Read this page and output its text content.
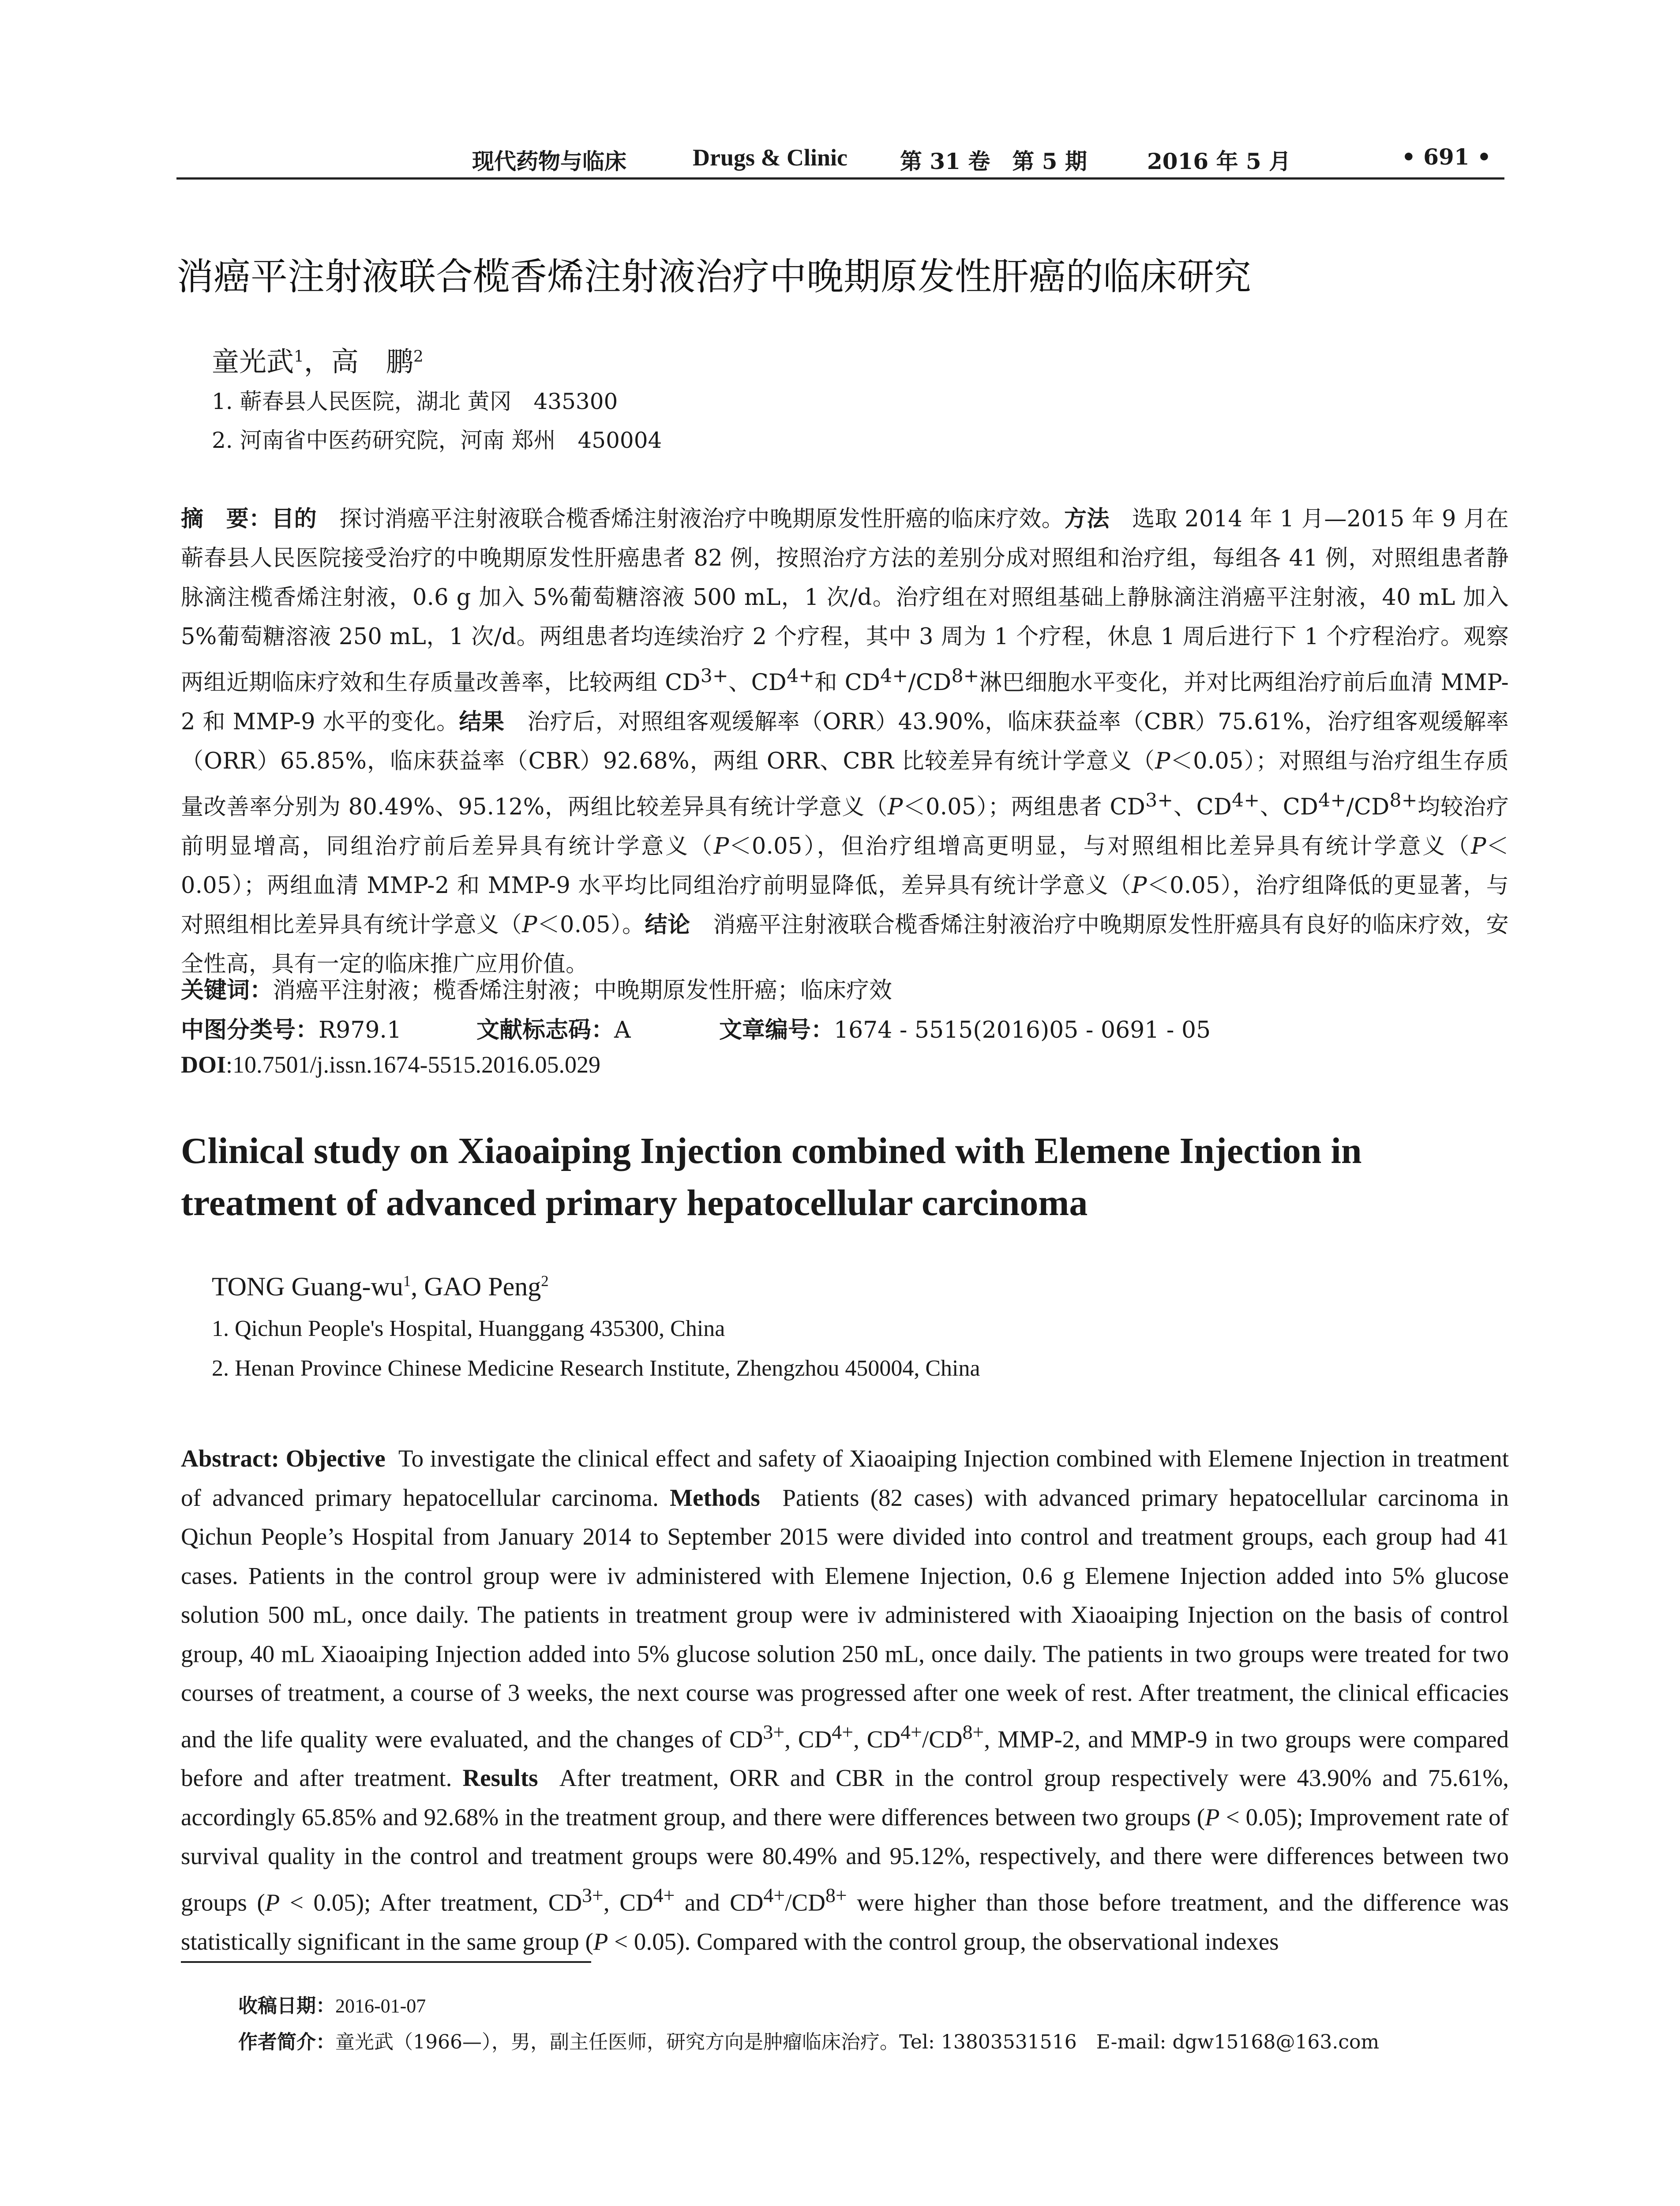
现代药物与临床	Drugs & Clinic 第 31 卷　第 5 期	2016 年 5 月	• 691 •
消癌平注射液联合榄香烯注射液治疗中晚期原发性肝癌的临床研究
童光武$^1$，高　鹏$^2$
1. 蕲春县人民医院，湖北 黄冈　435300
2. 河南省中医药研究院，河南 郑州　450004
摘　要：目的　 探讨消癌平注射液联合榄香烯注射液治疗中晚期原发性肝癌的临床疗效。方法　 选取 2014 年 1 月—2015 年 9 月在蕲春县人民医院接受治疗的中晚期原发性肝癌患者 82 例，按照治疗方法的差别分成对照组和治疗组，每组各 41 例，对照组患者静脉滴注榄香烯注射液，0.6 g 加入 5%葡萄糖溶液 500 mL，1 次/d。治疗组在对照组基础上静脉滴注消癌平注射液，40 mL 加入 5%葡萄糖溶液 250 mL，1 次/d。两组患者均连续治疗 2 个疗程，其中 3 周为 1 个疗程，休息 1 周后进行下 1 个疗程治疗。观察两组近期临床疗效和生存质量改善率，比较两组 $CD^{3+}$、$CD^{4+}$和 $CD^{4+}/CD^{8+}$淋巴细胞水平变化，并对比两组治疗前后血清 MMP-2 和 MMP-9 水平的变化。结果　 治疗后，对照组客观缓解率（ORR）43.90%，临床获益率（CBR）75.61%，治疗组客观缓解率（ORR）65.85%，临床获益率（CBR）92.68%，两组 ORR、CBR 比较差异有统计学意义（P＜0.05）；对照组与治疗组生存质量改善率分别为 80.49%、95.12%，两组比较差异具有统计学意义（P＜0.05）；两组患者 $CD^{3+}$、$CD^{4+}$、$CD^{4+}/CD^{8+}$均较治疗前明显增高，同组治疗前后差异具有统计学意义（P＜0.05），但治疗组增高更明显，与对照组相比差异具有统计学意义（P＜0.05）；两组血清 MMP-2 和 MMP-9 水平均比同组治疗前明显降低，差异具有统计学意义（P＜0.05），治疗组降低的更显著，与对照组相比差异具有统计学意义（P＜0.05）。结论　 消癌平注射液联合榄香烯注射液治疗中晚期原发性肝癌具有良好的临床疗效，安全性高，具有一定的临床推广应用价值。
关键词：消癌平注射液；榄香烯注射液；中晚期原发性肝癌；临床疗效
中图分类号：R979.1	文献标志码：A	文章编号：1674 - 5515(2016)05 - 0691 - 05
DOI:10.7501/j.issn.1674-5515.2016.05.029
Clinical study on Xiaoaiping Injection combined with Elemene Injection in treatment of advanced primary hepatocellular carcinoma
TONG Guang-$wu^1$, GAO Peng$^2$
1. Qichun People's Hospital, Huanggang 435300, China
2. Henan Province Chinese Medicine Research Institute, Zhengzhou 450004, China
Abstract: Objective To investigate the clinical effect and safety of Xiaoaiping Injection combined with Elemene Injection in treatment of advanced primary hepatocellular carcinoma. Methods Patients (82 cases) with advanced primary hepatocellular carcinoma in Qichun People’s Hospital from January 2014 to September 2015 were divided into control and treatment groups, each group had 41 cases. Patients in the control group were iv administered with Elemene Injection, 0.6 g Elemene Injection added into 5% glucose solution 500 mL, once daily. The patients in treatment group were iv administered with Xiaoaiping Injection on the basis of control group, 40 mL Xiaoaiping Injection added into 5% glucose solution 250 mL, once daily. The patients in two groups were treated for two courses of treatment, a course of 3 weeks, the next course was progressed after one week of rest. After treatment, the clinical efficacies and the life quality were evaluated, and the changes of $CD^{3+}$, $CD^{4+}$, $CD^{4+}/CD^{8+}$, MMP-2, and MMP-9 in two groups were compared before and after treatment. Results After treatment, ORR and CBR in the control group respectively were 43.90% and 75.61%, accordingly 65.85% and 92.68% in the treatment group, and there were differences between two groups (P < 0.05); Improvement rate of survival quality in the control and treatment groups were 80.49% and 95.12%, respectively, and there were differences between two groups (P < 0.05); After treatment, $CD^{3+}$, $CD^{4+}$ and $CD^{4+}/CD^{8+}$ were higher than those before treatment, and the difference was statistically significant in the same group (P < 0.05). Compared with the control group, the observational indexes
收稿日期：2016-01-07
作者简介：童光武（1966—），男，副主任医师，研究方向是肿瘤临床治疗。Tel: 13803531516　E-mail: dgw15168@163.com
